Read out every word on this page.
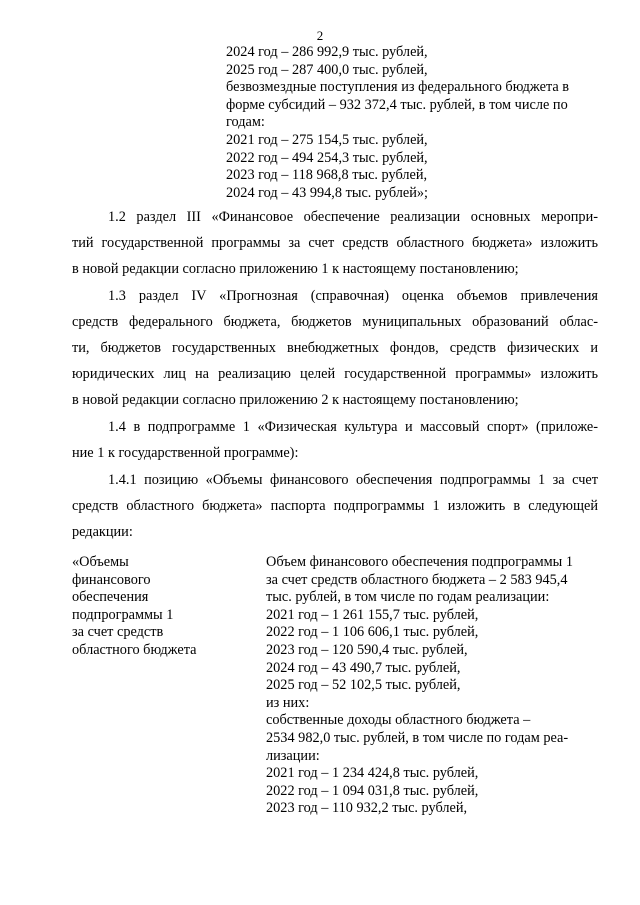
2
2024 год – 286 992,9 тыс. рублей,
2025 год – 287 400,0 тыс. рублей,
безвозмездные поступления из федерального бюджета в
форме субсидий – 932 372,4 тыс. рублей, в том числе по
годам:
2021 год – 275 154,5 тыс. рублей,
2022 год – 494 254,3 тыс. рублей,
2023 год – 118 968,8 тыс. рублей,
2024 год – 43 994,8 тыс. рублей»;
1.2 раздел III «Финансовое обеспечение реализации основных меропри-
тий государственной программы за счет средств областного бюджета» изложить
в новой редакции согласно приложению 1 к настоящему постановлению;
1.3 раздел IV «Прогнозная (справочная) оценка объемов привлечения
средств федерального бюджета, бюджетов муниципальных образований облас-
ти, бюджетов государственных внебюджетных фондов, средств физических и
юридических лиц на реализацию целей государственной программы» изложить
в новой редакции согласно приложению 2 к настоящему постановлению;
1.4 в подпрограмме 1 «Физическая культура и массовый спорт» (приложе-
ние 1 к государственной программе):
1.4.1 позицию «Объемы финансового обеспечения подпрограммы 1 за счет
средств областного бюджета» паспорта подпрограммы 1 изложить в следующей
редакции:
«Объемы
финансового
обеспечения
подпрограммы 1
за счет средств
областного бюджета
Объем финансового обеспечения подпрограммы 1
за счет средств областного бюджета – 2 583 945,4
тыс. рублей, в том числе по годам реализации:
2021 год – 1 261 155,7 тыс. рублей,
2022 год – 1 106 606,1 тыс. рублей,
2023 год – 120 590,4 тыс. рублей,
2024 год – 43 490,7 тыс. рублей,
2025 год – 52 102,5 тыс. рублей,
из них:
собственные доходы областного бюджета –
2534 982,0 тыс. рублей, в том числе по годам реа-
лизации:
2021 год – 1 234 424,8 тыс. рублей,
2022 год – 1 094 031,8 тыс. рублей,
2023 год – 110 932,2 тыс. рублей,
